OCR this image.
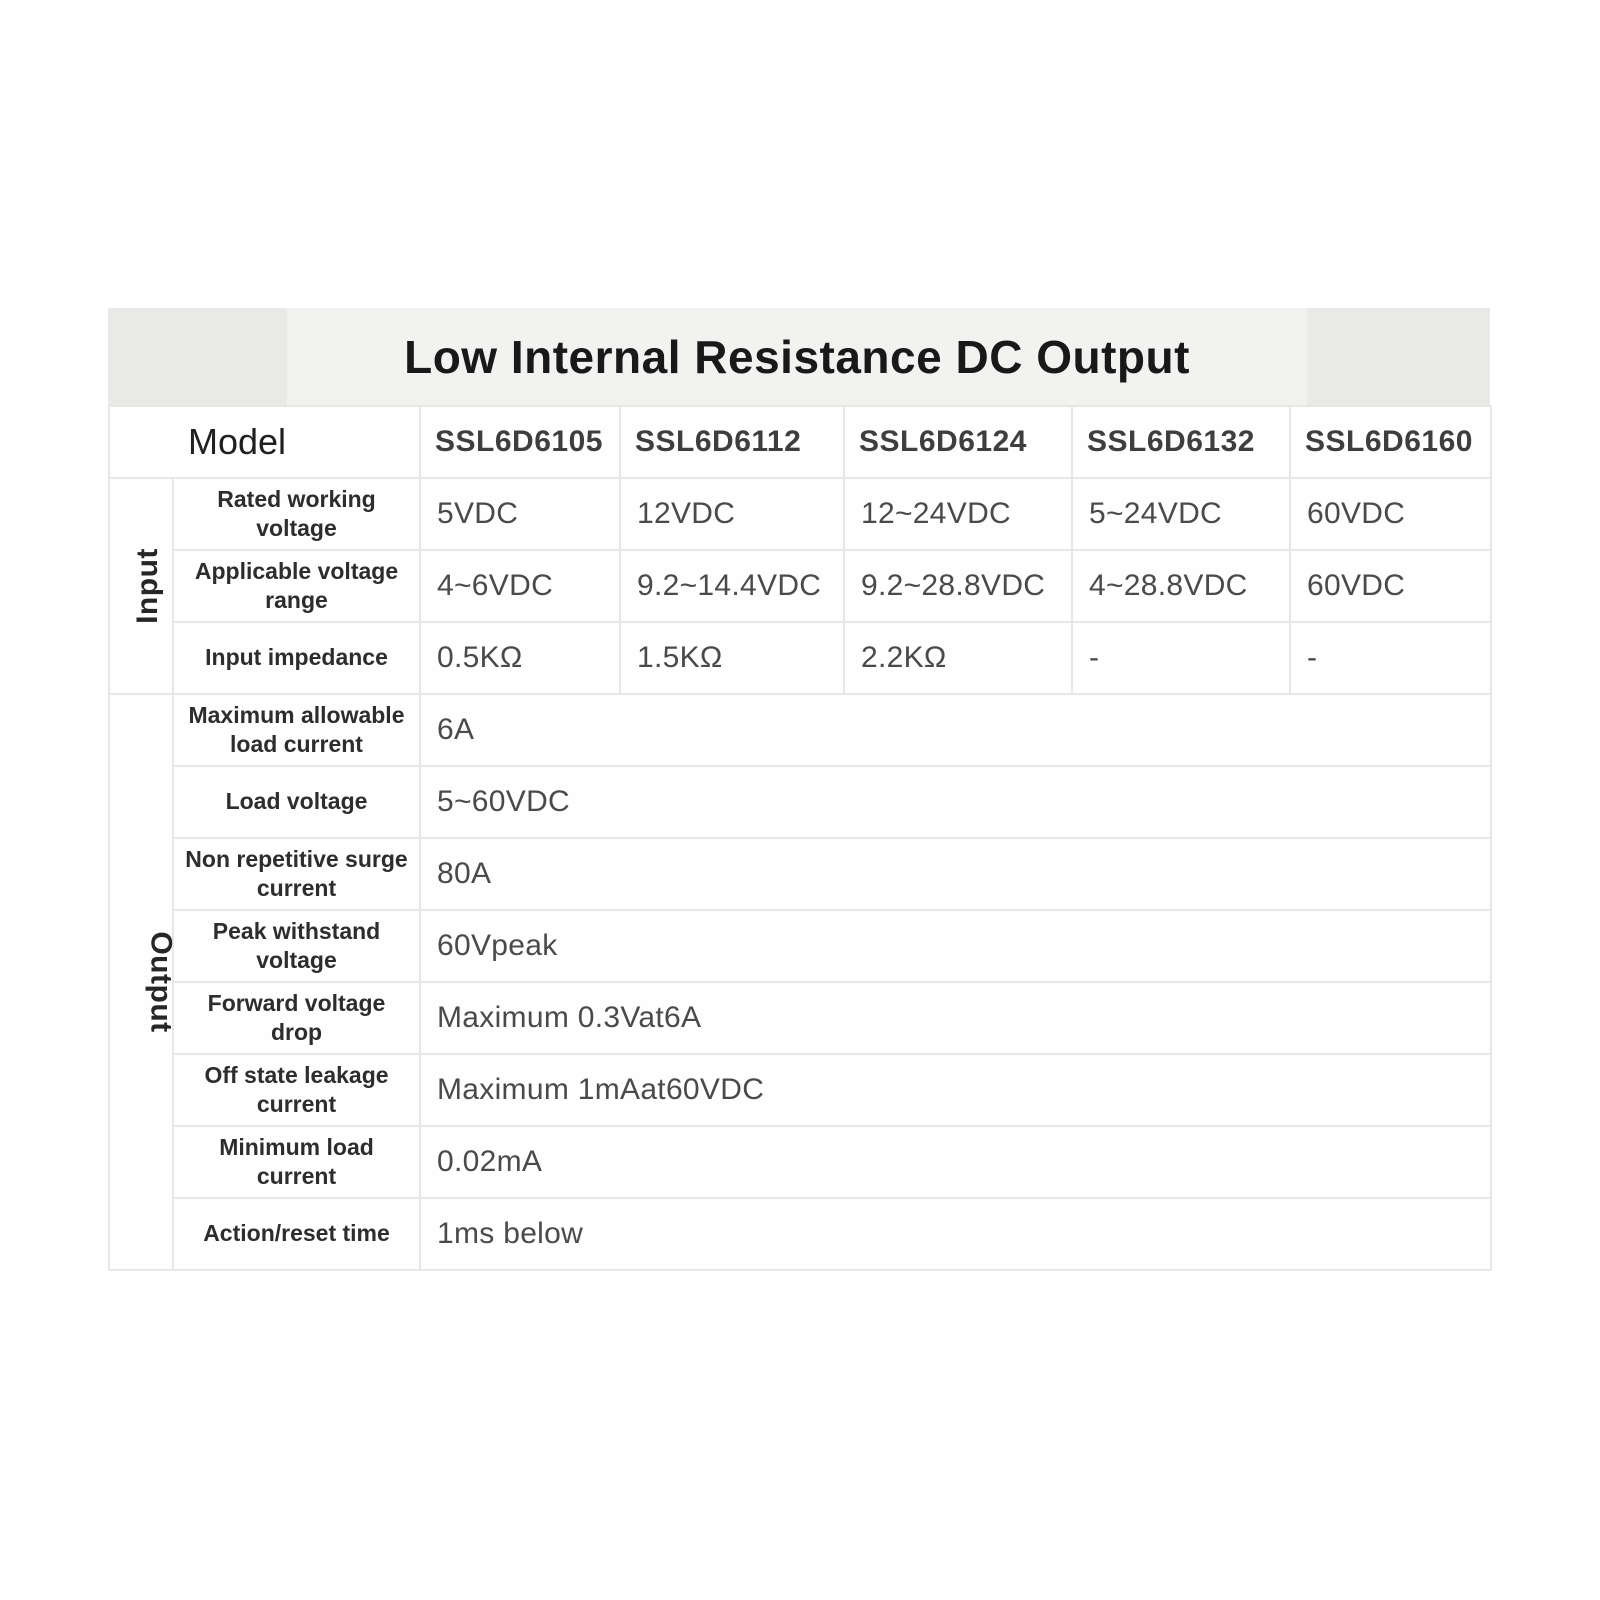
Low Internal Resistance DC Output
Model		SSL6D6105	SSL6D6112	SSL6D6124	SSL6D6132	SSL6D6160
Input	Rated working voltage	5VDC	12VDC	12~24VDC	5~24VDC	60VDC
	Applicable voltage range	4~6VDC	9.2~14.4VDC	9.2~28.8VDC	4~28.8VDC	60VDC
	Input impedance	0.5KΩ	1.5KΩ	2.2KΩ	-	-
Output	Maximum allowable load current	6A				
	Load voltage	5~60VDC				
	Non repetitive surge current	80A				
	Peak withstand voltage	60Vpeak				
	Forward voltage drop	Maximum 0.3Vat6A				
	Off state leakage current	Maximum 1mAat60VDC				
	Minimum load current	0.02mA				
	Action/reset time	1ms below				
